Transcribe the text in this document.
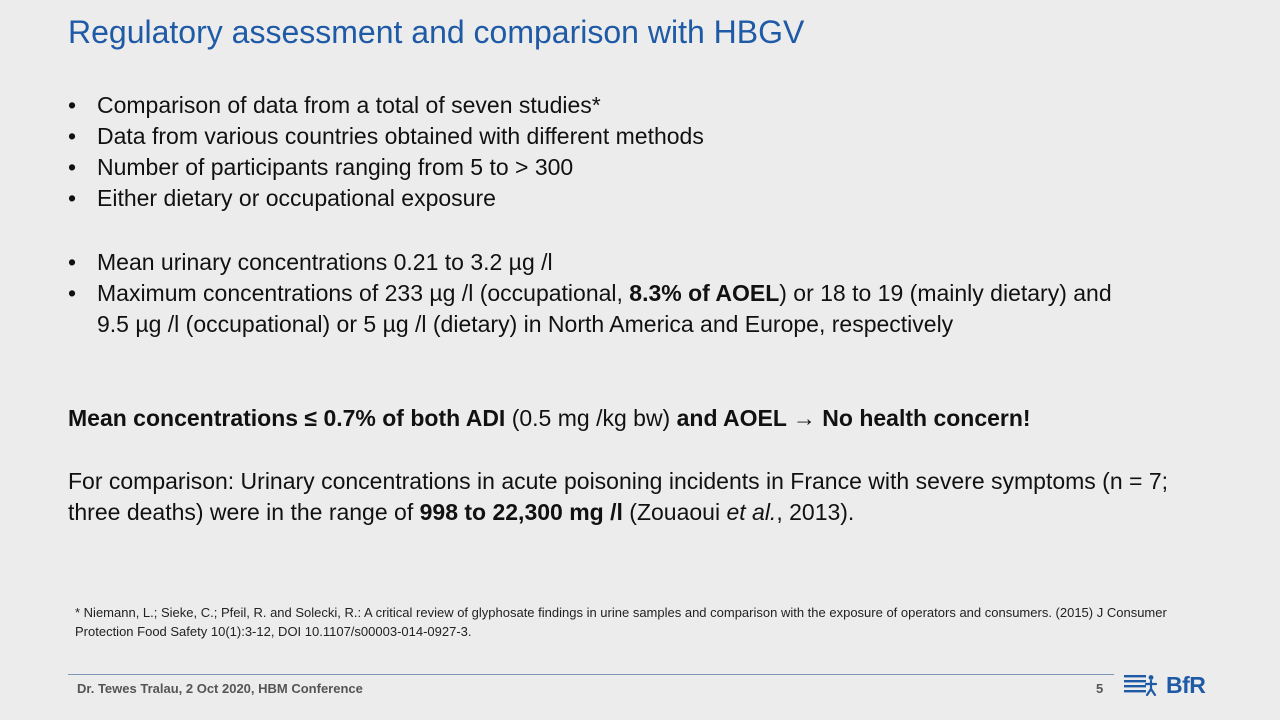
Regulatory assessment and comparison with HBGV
• Comparison of data from a total of seven studies*
• Data from various countries obtained with different methods
• Number of participants ranging from 5 to > 300
• Either dietary or occupational exposure
• Mean urinary concentrations 0.21 to 3.2 µg /l
• Maximum concentrations of 233 µg /l (occupational, 8.3% of AOEL) or 18 to 19 (mainly dietary) and 9.5 µg /l (occupational) or 5 µg /l (dietary) in North America and Europe, respectively

Mean concentrations ≤ 0.7% of both ADI (0.5 mg /kg bw) and AOEL → No health concern!

For comparison: Urinary concentrations in acute poisoning incidents in France with severe symptoms (n = 7; three deaths) were in the range of 998 to 22,300 mg /l (Zouaoui et al., 2013).

* Niemann, L.; Sieke, C.; Pfeil, R. and Solecki, R.: A critical review of glyphosate findings in urine samples and comparison with the exposure of operators and consumers. (2015) J Consumer Protection Food Safety 10(1):3-12, DOI 10.1107/s00003-014-0927-3.
Dr. Tewes Tralau, 2 Oct 2020, HBM Conference	5	BfR
